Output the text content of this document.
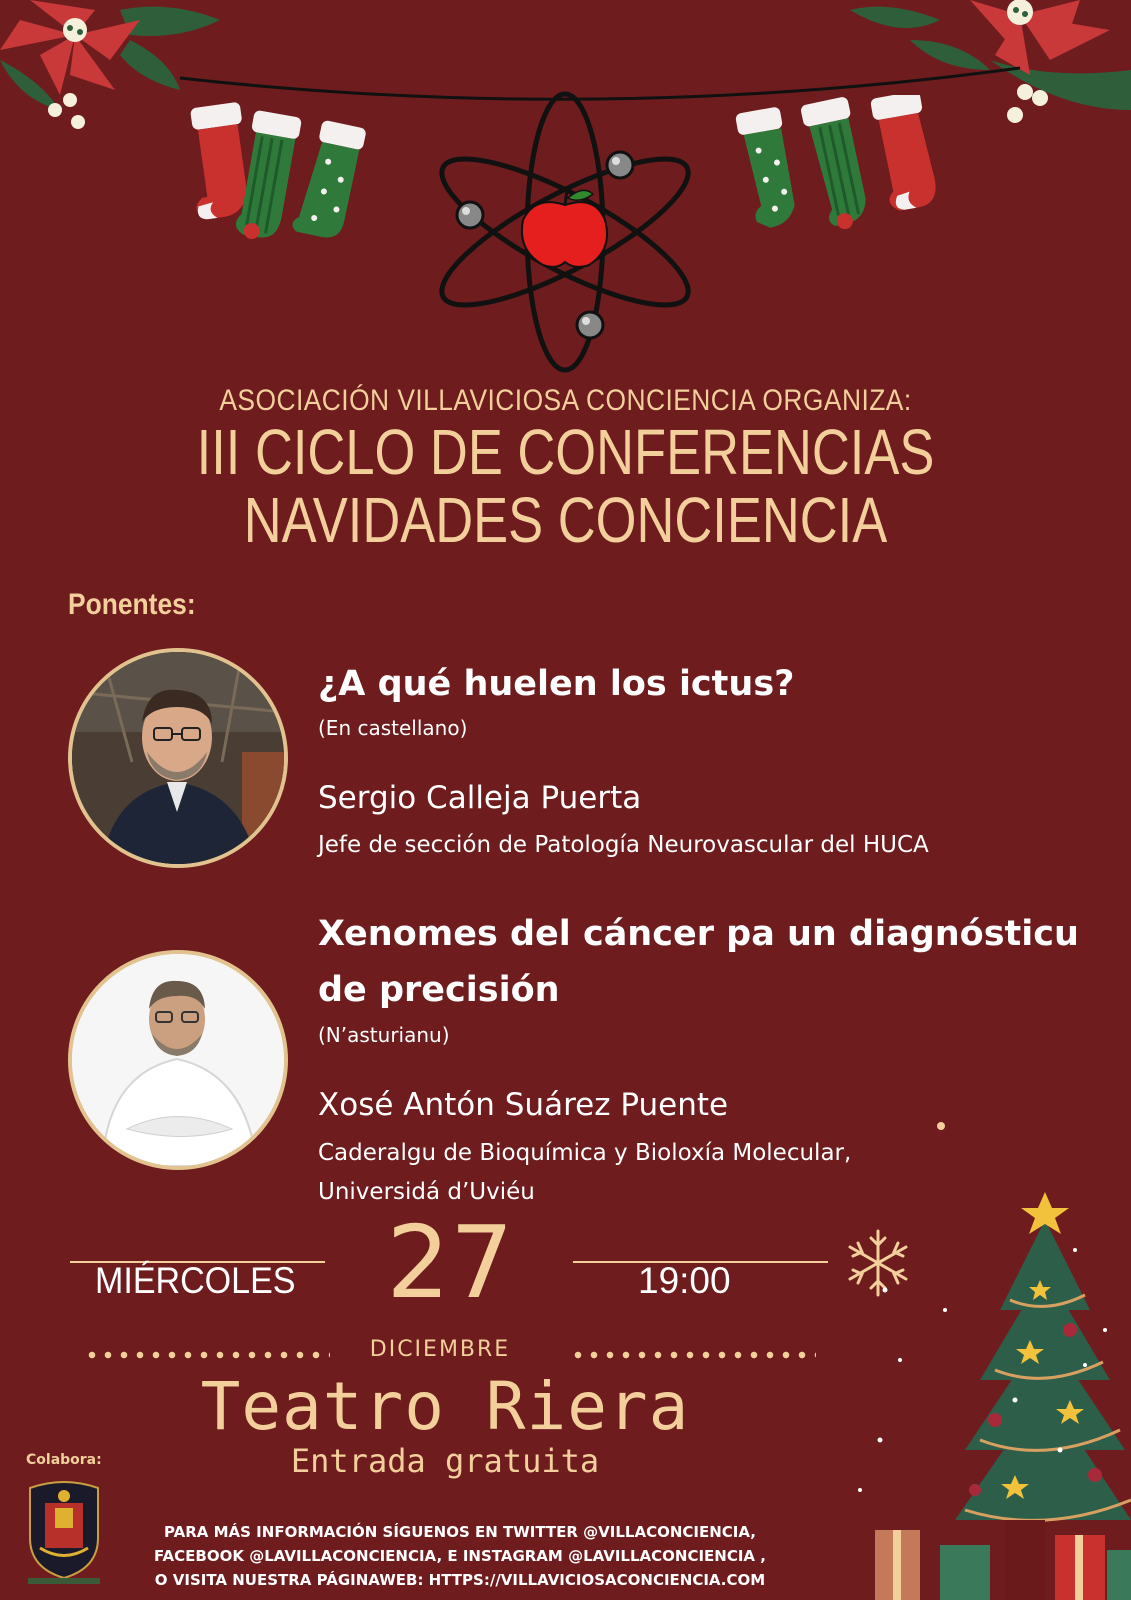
ASOCIACIÓN VILLAVICIOSA CONCIENCIA ORGANIZA:
III CICLO DE CONFERENCIAS
NAVIDADES CONCIENCIA
Ponentes:
¿A qué huelen los ictus?
(En castellano)
Sergio Calleja Puerta
Jefe de sección de Patología Neurovascular del HUCA
Xenomes del cáncer pa un diagnósticu
de precisión
(N’asturianu)
Xosé Antón Suárez Puente
Caderalgu de Bioquímica y Bioloxía Molecular,
Universidá d’Uviéu
MIÉRCOLES 27
DICIEMBRE
19:00
Teatro Riera
Entrada gratuita
Colabora:
PARA MÁS INFORMACIÓN SÍGUENOS EN TWITTER @VILLACONCIENCIA,
FACEBOOK @LAVILLACONCIENCIA, E INSTAGRAM @LAVILLACONCIENCIA ,
O VISITA NUESTRA PÁGINAWEB: HTTPS://VILLAVICIOSACONCIENCIA.COM
